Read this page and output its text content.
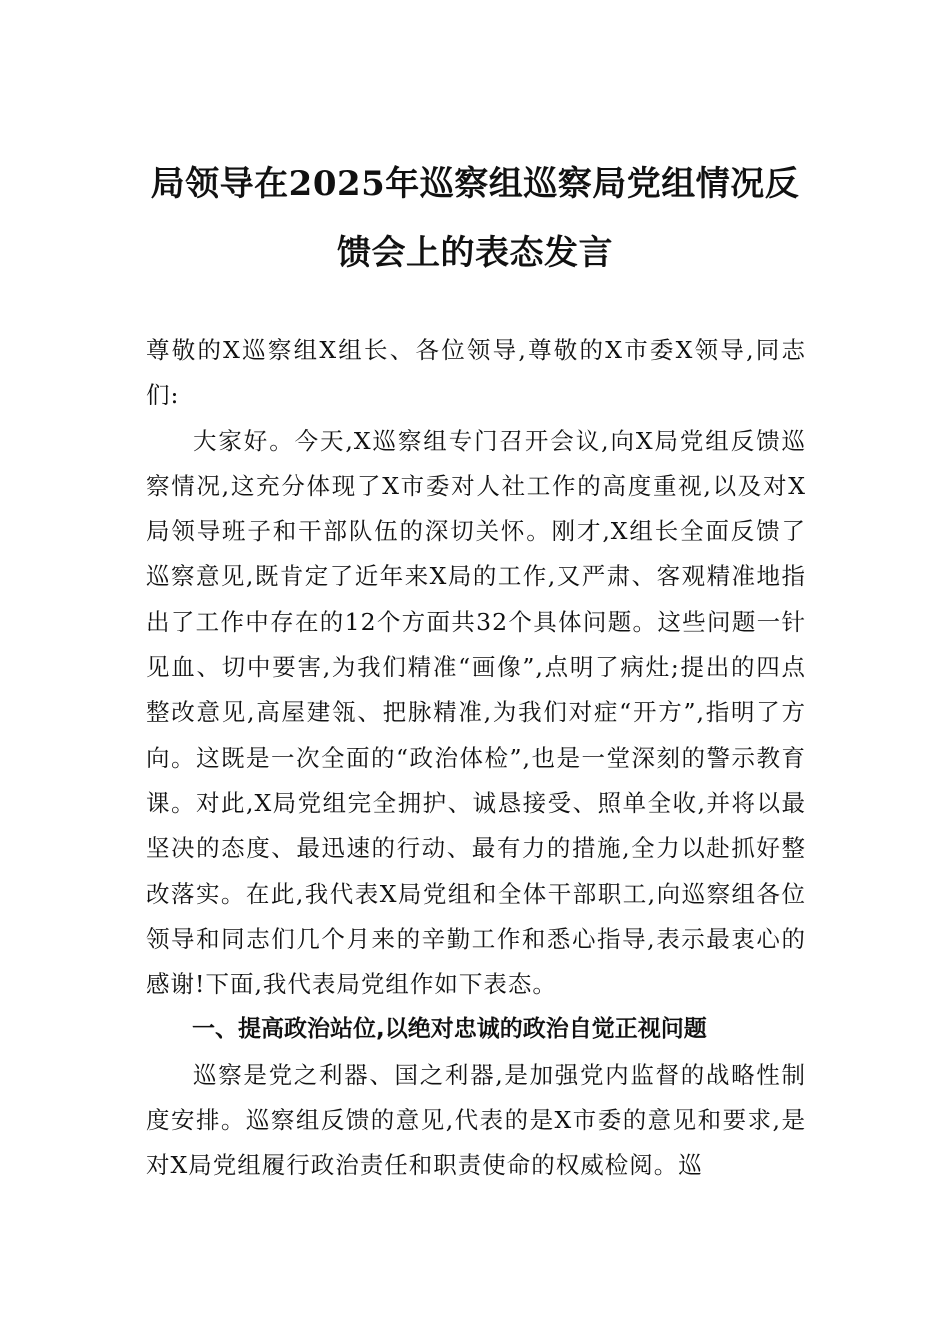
局领导在2025年巡察组巡察局党组情况反馈会上的表态发言

尊敬的X巡察组X组长、各位领导,尊敬的X市委X领导,同志们:

大家好。今天,X巡察组专门召开会议,向X局党组反馈巡察情况,这充分体现了X市委对人社工作的高度重视,以及对X局领导班子和干部队伍的深切关怀。刚才,X组长全面反馈了巡察意见,既肯定了近年来X局的工作,又严肃、客观精准地指出了工作中存在的12个方面共32个具体问题。这些问题一针见血、切中要害,为我们精准“画像”,点明了病灶;提出的四点整改意见,高屋建瓴、把脉精准,为我们对症“开方”,指明了方向。这既是一次全面的“政治体检”,也是一堂深刻的警示教育课。对此,X局党组完全拥护、诚恳接受、照单全收,并将以最坚决的态度、最迅速的行动、最有力的措施,全力以赴抓好整改落实。在此,我代表X局党组和全体干部职工,向巡察组各位领导和同志们几个月来的辛勤工作和悉心指导,表示最衷心的感谢!下面,我代表局党组作如下表态。

一、提高政治站位,以绝对忠诚的政治自觉正视问题

巡察是党之利器、国之利器,是加强党内监督的战略性制度安排。巡察组反馈的意见,代表的是X市委的意见和要求,是对X局党组履行政治责任和职责使命的权威检阅。巡
